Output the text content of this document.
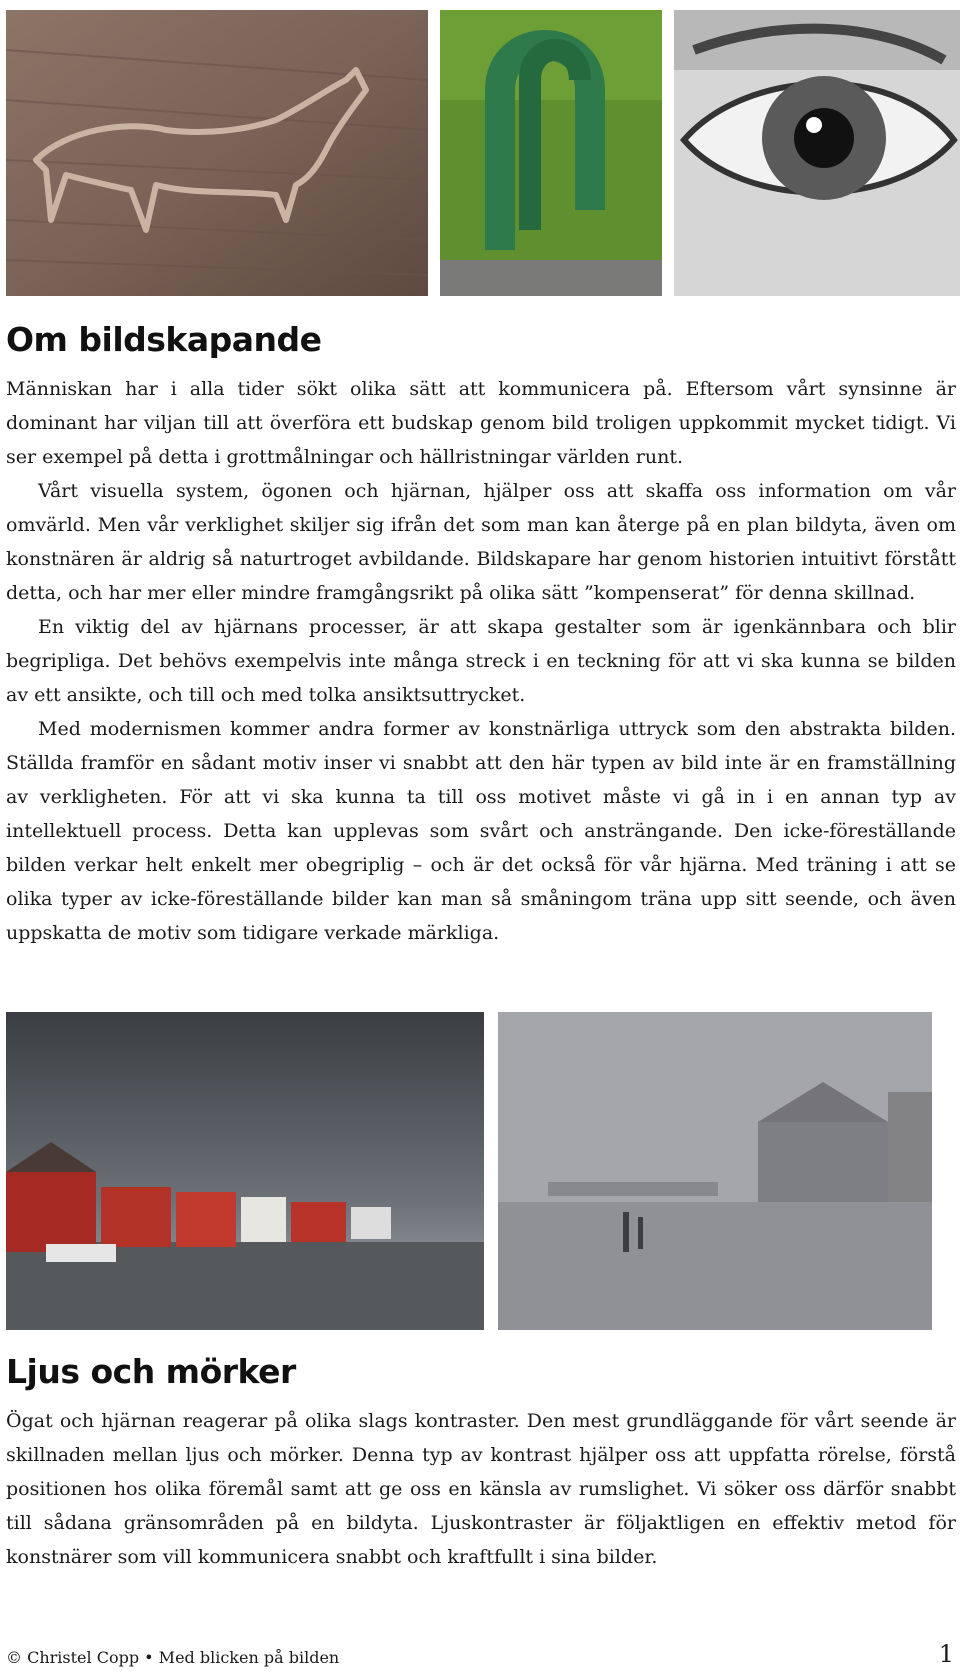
Om bildskapande

Människan har i alla tider sökt olika sätt att kommunicera på. Eftersom vårt synsinne är dominant har viljan till att överföra ett budskap genom bild troligen uppkommit mycket tidigt. Vi ser exempel på detta i grottmålningar och hällristningar världen runt.

Vårt visuella system, ögonen och hjärnan, hjälper oss att skaffa oss information om vår omvärld. Men vår verklighet skiljer sig ifrån det som man kan återge på en plan bildyta, även om konstnären är aldrig så naturtroget avbildande. Bildskapare har genom historien intuitivt förstått detta, och har mer eller mindre framgångsrikt på olika sätt ”kompenserat” för denna skillnad.

En viktig del av hjärnans processer, är att skapa gestalter som är igenkännbara och blir begripliga. Det behövs exempelvis inte många streck i en teckning för att vi ska kunna se bilden av ett ansikte, och till och med tolka ansiktsuttrycket.

Med modernismen kommer andra former av konstnärliga uttryck som den abstrakta bilden. Ställda framför en sådant motiv inser vi snabbt att den här typen av bild inte är en framställning av verkligheten. För att vi ska kunna ta till oss motivet måste vi gå in i en annan typ av intellektuell process. Detta kan upplevas som svårt och ansträngande. Den icke-föreställande bilden verkar helt enkelt mer obegriplig – och är det också för vår hjärna. Med träning i att se olika typer av icke-föreställande bilder kan man så småningom träna upp sitt seende, och även uppskatta de motiv som tidigare verkade märkliga.

Ljus och mörker

Ögat och hjärnan reagerar på olika slags kontraster. Den mest grundläggande för vårt seende är skillnaden mellan ljus och mörker. Denna typ av kontrast hjälper oss att uppfatta rörelse, förstå positionen hos olika föremål samt att ge oss en känsla av rumslighet. Vi söker oss därför snabbt till sådana gränsområden på en bildyta. Ljuskontraster är följaktligen en effektiv metod för konstnärer som vill kommunicera snabbt och kraftfullt i sina bilder.

© Christel Copp • Med blicken på bilden	1
